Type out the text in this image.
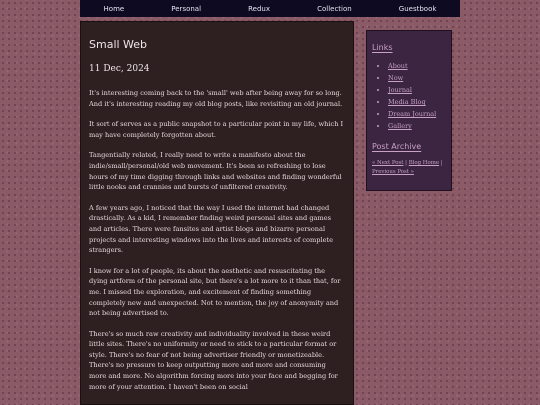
Home	Personal	Redux	Collection	Guestbook
Small Web
11 Dec, 2024

It's interesting coming back to the 'small' web after being away for so long. And it's interesting reading my old blog posts, like revisiting an old journal.

It sort of serves as a public snapshot to a particular point in my life, which I may have completely forgotten about.

Tangentially related, I really need to write a manifesto about the indie/small/personal/old web movement. It's been so refreshing to lose hours of my time digging through links and websites and finding wonderful little nooks and crannies and bursts of unfiltered creativity.

A few years ago, I noticed that the way I used the internet had changed drastically. As a kid, I remember finding weird personal sites and games and articles. There were fansites and artist blogs and bizarre personal projects and interesting windows into the lives and interests of complete strangers.

I know for a lot of people, its about the aesthetic and resuscitating the dying artform of the personal site, but there's a lot more to it than that, for me. I missed the exploration, and excitement of finding something completely new and unexpected. Not to mention, the joy of anonymity and not being advertised to.

There's so much raw creativity and individuality involved in these weird little sites. There's no uniformity or need to stick to a particular format or style. There's no fear of not being advertiser friendly or monetizeable. There's no pressure to keep outputting more and more and consuming more and more. No algorithm forcing more into your face and begging for more of your attention. I haven't been on social

Links
• About
• Now
• Journal
• Media Blog
• Dream Journal
• Gallery
Post Archive
« Next Post | Blog Home | Previous Post »
